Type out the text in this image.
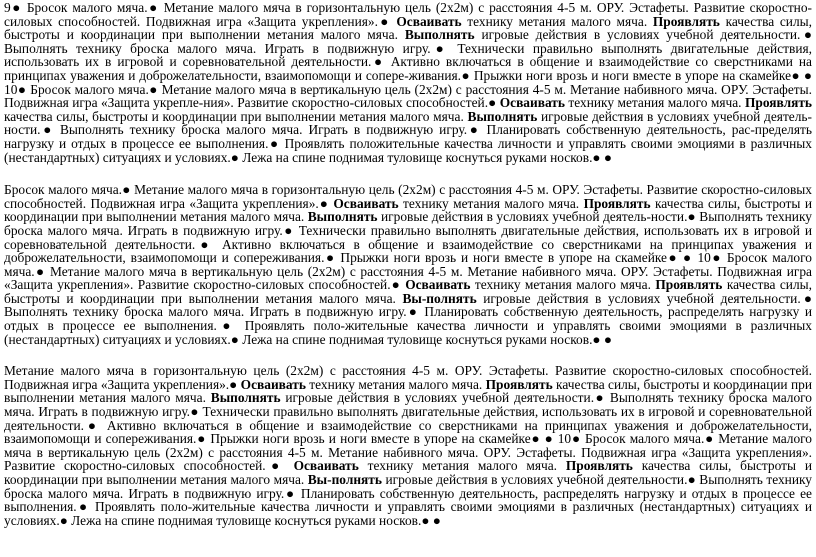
9● Бросок малого мяча.● Метание малого мяча в горизонтальную цель (2х2м) с расстояния 4-5 м. ОРУ. Эстафеты. Развитие скоростно-силовых способностей. Подвижная игра «Защита укрепления».● Осваивать технику метания малого мяча. Проявлять качества силы, быстроты и координации при выполнении метания малого мяча. Выполнять игровые действия в условиях учебной деятельности.● Выполнять технику броска малого мяча. Играть в подвижную игру.● Технически правильно выполнять двигательные действия, использовать их в игровой и соревновательной деятельности.● Активно включаться в общение и взаимодействие со сверстниками на принципах уважения и доброжелательности, взаимопомощи и сопере-живания.● Прыжки ноги врозь и ноги вместе в упоре на скамейке● ● 10● Бросок малого мяча.● Метание малого мяча в вертикальную цель (2х2м) с расстояния 4-5 м. Метание набивного мяча. ОРУ. Эстафеты. Подвижная игра «Защита укрепле-ния». Развитие скоростно-силовых способностей.● Осваивать технику метания малого мяча. Проявлять качества силы, быстроты и координации при выполнении метания малого мяча. Выполнять игровые действия в условиях учебной деятель-ности.● Выполнять технику броска малого мяча. Играть в подвижную игру.● Планировать собственную деятельность, рас-пределять нагрузку и отдых в процессе ее выполнения.● Проявлять положительные качества личности и управлять своими эмоциями в различных (нестандартных) ситуациях и условиях.● Лежа на спине поднимая туловище коснуться руками носков.● ●

Бросок малого мяча.● Метание малого мяча в горизонтальную цель (2х2м) с расстояния 4-5 м. ОРУ. Эстафеты. Развитие скоростно-силовых способностей. Подвижная игра «Защита укрепления».● Осваивать технику метания малого мяча. Проявлять качества силы, быстроты и координации при выполнении метания малого мяча. Выполнять игровые действия в условиях учебной деятель-ности.● Выполнять технику броска малого мяча. Играть в подвижную игру.● Технически правильно выполнять двигательные действия, использовать их в игровой и соревновательной деятельности.● Активно включаться в общение и взаимодействие со сверстниками на принципах уважения и доброжелательности, взаимопомощи и сопереживания.● Прыжки ноги врозь и ноги вместе в упоре на скамейке● ● 10● Бросок малого мяча.● Метание малого мяча в вертикальную цель (2х2м) с расстояния 4-5 м. Метание набивного мяча. ОРУ. Эстафеты. Подвижная игра «Защита укрепления». Развитие скоростно-силовых способностей.● Осваивать технику метания малого мяча. Проявлять качества силы, быстроты и координации при выполнении метания малого мяча. Вы-полнять игровые действия в условиях учебной деятельности.● Выполнять технику броска малого мяча. Играть в подвижную игру.● Планировать собственную деятельность, распределять нагрузку и отдых в процессе ее выполнения.● Проявлять поло-жительные качества личности и управлять своими эмоциями в различных (нестандартных) ситуациях и условиях.● Лежа на спине поднимая туловище коснуться руками носков.● ●

Метание малого мяча в горизонтальную цель (2х2м) с расстояния 4-5 м. ОРУ. Эстафеты. Развитие скоростно-силовых способностей. Подвижная игра «Защита укрепления».● Осваивать технику метания малого мяча. Проявлять качества силы, быстроты и координации при выполнении метания малого мяча. Выполнять игровые действия в условиях учебной деятельности.● Выполнять технику броска малого мяча. Играть в подвижную игру.● Технически правильно выполнять двигательные действия, использовать их в игровой и соревновательной деятельности.● Активно включаться в общение и взаимодействие со сверстниками на принципах уважения и доброжелательности, взаимопомощи и сопереживания.● Прыжки ноги врозь и ноги вместе в упоре на скамейке● ● 10● Бросок малого мяча.● Метание малого мяча в вертикальную цель (2х2м) с расстояния 4-5 м. Метание набивного мяча. ОРУ. Эстафеты. Подвижная игра «Защита укрепления». Развитие скоростно-силовых способностей.● Осваивать технику метания малого мяча. Проявлять качества силы, быстроты и координации при выполнении метания малого мяча. Вы-полнять игровые действия в условиях учебной деятельности.● Выполнять технику броска малого мяча. Играть в подвижную игру.● Планировать собственную деятельность, распределять нагрузку и отдых в процессе ее выполнения.● Проявлять поло-жительные качества личности и управлять своими эмоциями в различных (нестандартных) ситуациях и условиях.● Лежа на спине поднимая туловище коснуться руками носков.● ●
